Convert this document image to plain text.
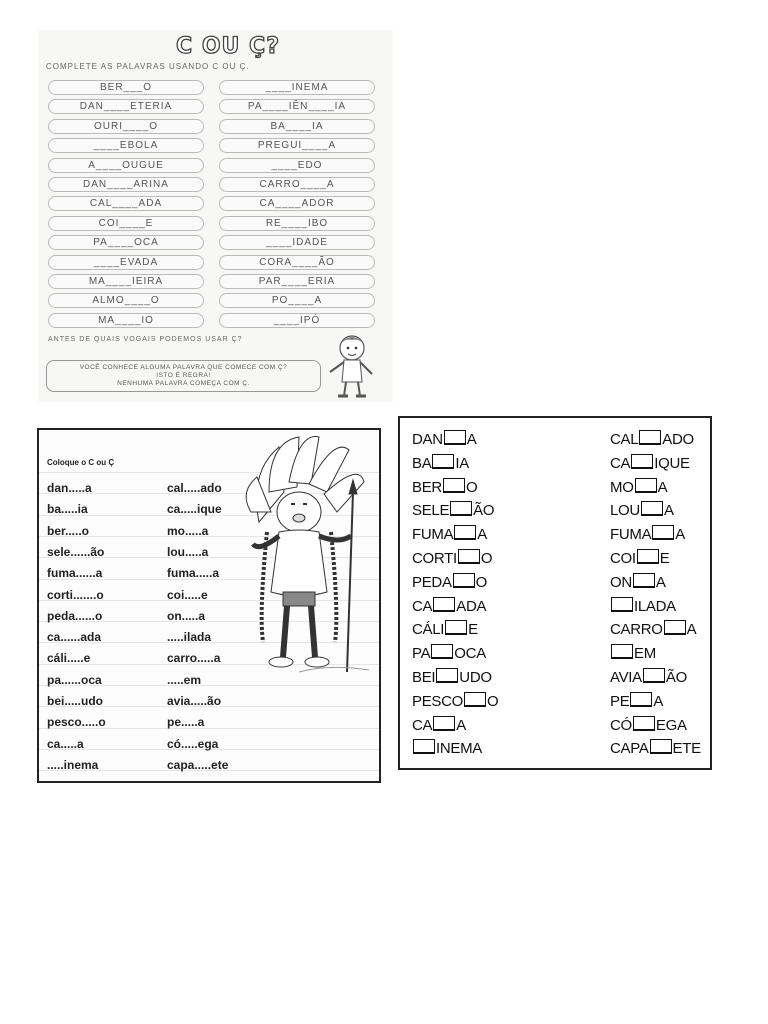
C OU Ç?
COMPLETE AS PALAVRAS USANDO C OU Ç.
BER___O
DAN____ETERIA
OURI____O
____EBOLA
A____OUGUE
DAN____ARINA
CAL____ADA
COI____E
PA____OCA
____EVADA
MA____IEIRA
ALMO____O
MA____IO
____INEMA
PA____IÊN____IA
BA____IA
PREGUI____A
____EDO
CARRO____A
CA____ADOR
RE____IBO
____IDADE
CORA____ÃO
PAR____ERIA
PO____A
____IPÓ
ANTES DE QUAIS VOGAIS PODEMOS USAR Ç?
VOCÊ CONHECE ALGUMA PALAVRA QUE COMECE COM Ç?
ISTO É REGRA!
NENHUMA PALAVRA COMEÇA COM Ç.
Coloque o C ou Ç
dan.....a
ba.....ia
ber.....o
sele......ão
fuma......a
corti.......o
peda......o
ca......ada
cáli.....e
pa......oca
bei.....udo
pesco.....o
ca.....a
.....inema
cal.....ado
ca.....ique
mo.....a
lou.....a
fuma.....a
coi.....e
on.....a
.....ilada
carro.....a
.....em
avia.....ão
pe.....a
có.....ega
capa.....ete
DAN A
BA IA
BER O
SELE ÃO
FUMA A
CORTI O
PEDA O
CA ADA
CÁLI E
PA OCA
BEI UDO
PESCO O
CA A
INEMA
CAL ADO
CA IQUE
MO A
LOU A
FUMA A
COI E
ON A
ILADA
CARRO A
EM
AVIA ÃO
PE A
CÓ EGA
CAPA ETE
